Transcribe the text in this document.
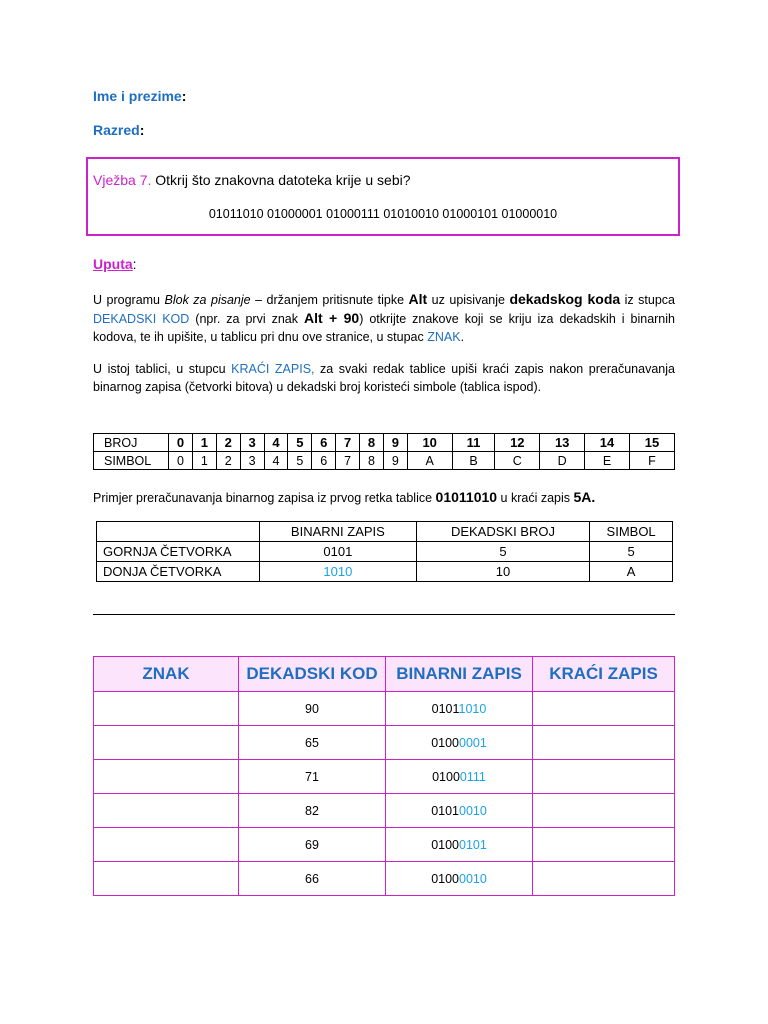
Ime i prezime:
Razred:
Vježba 7. Otkrij što znakovna datoteka krije u sebi?
01011010 01000001 01000111 01010010 01000101 01000010
Uputa:
U programu Blok za pisanje – držanjem pritisnute tipke Alt uz upisivanje dekadskog koda iz stupca DEKADSKI KOD (npr. za prvi znak Alt + 90) otkrijte znakove koji se kriju iza dekadskih i binarnih kodova, te ih upišite, u tablicu pri dnu ove stranice, u stupac ZNAK.
U istoj tablici, u stupcu KRAĆI ZAPIS, za svaki redak tablice upiši kraći zapis nakon preračunavanja binarnog zapisa (četvorki bitova) u dekadski broj koristeći simbole (tablica ispod).
BROJ	0	1	2	3	4	5	6	7	8	9	10	11	12	13	14	15
SIMBOL	0	1	2	3	4	5	6	7	8	9	A	B	C	D	E	F
Primjer preračunavanja binarnog zapisa iz prvog retka tablice 01011010 u kraći zapis 5A.
	BINARNI ZAPIS	DEKADSKI BROJ	SIMBOL
GORNJA ČETVORKA	0101	5	5
DONJA ČETVORKA	1010	10	A
ZNAK	DEKADSKI KOD	BINARNI ZAPIS	KRAĆI ZAPIS
	90	01011010	
	65	01000001	
	71	01000111	
	82	01010010	
	69	01000101	
	66	01000010	
